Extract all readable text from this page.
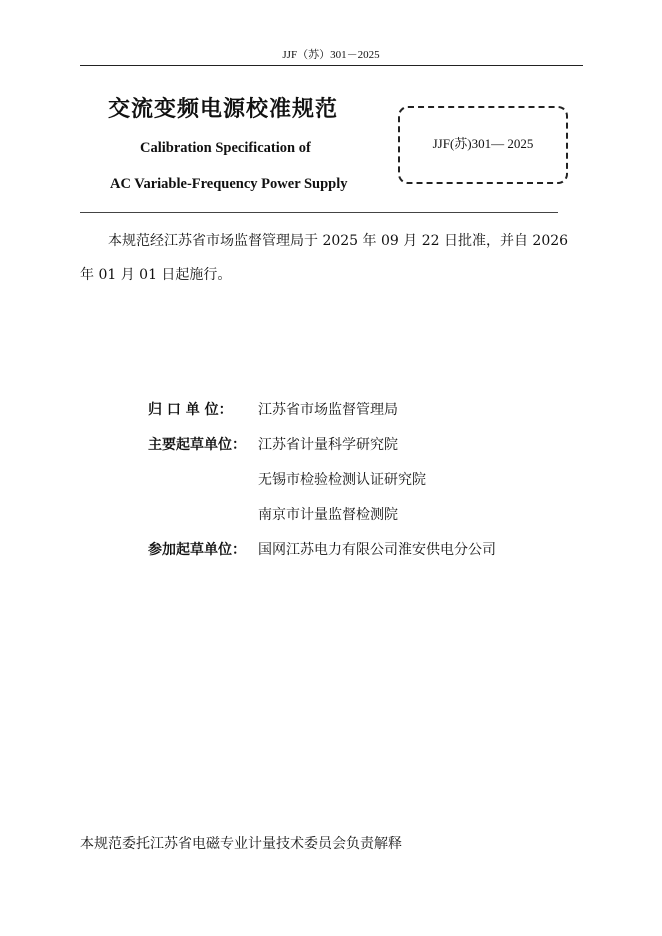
JJF（苏）301－2025
交流变频电源校准规范
Calibration Specification of
AC Variable-Frequency Power Supply
JJF(苏)301— 2025
本规范经江苏省市场监督管理局于 2025 年 09 月 22 日批准，并自 2026 年 01 月 01 日起施行。
归 口 单 位： 江苏省市场监督管理局
主要起草单位： 江苏省计量科学研究院
无锡市检验检测认证研究院
南京市计量监督检测院
参加起草单位： 国网江苏电力有限公司淮安供电分公司
本规范委托江苏省电磁专业计量技术委员会负责解释
